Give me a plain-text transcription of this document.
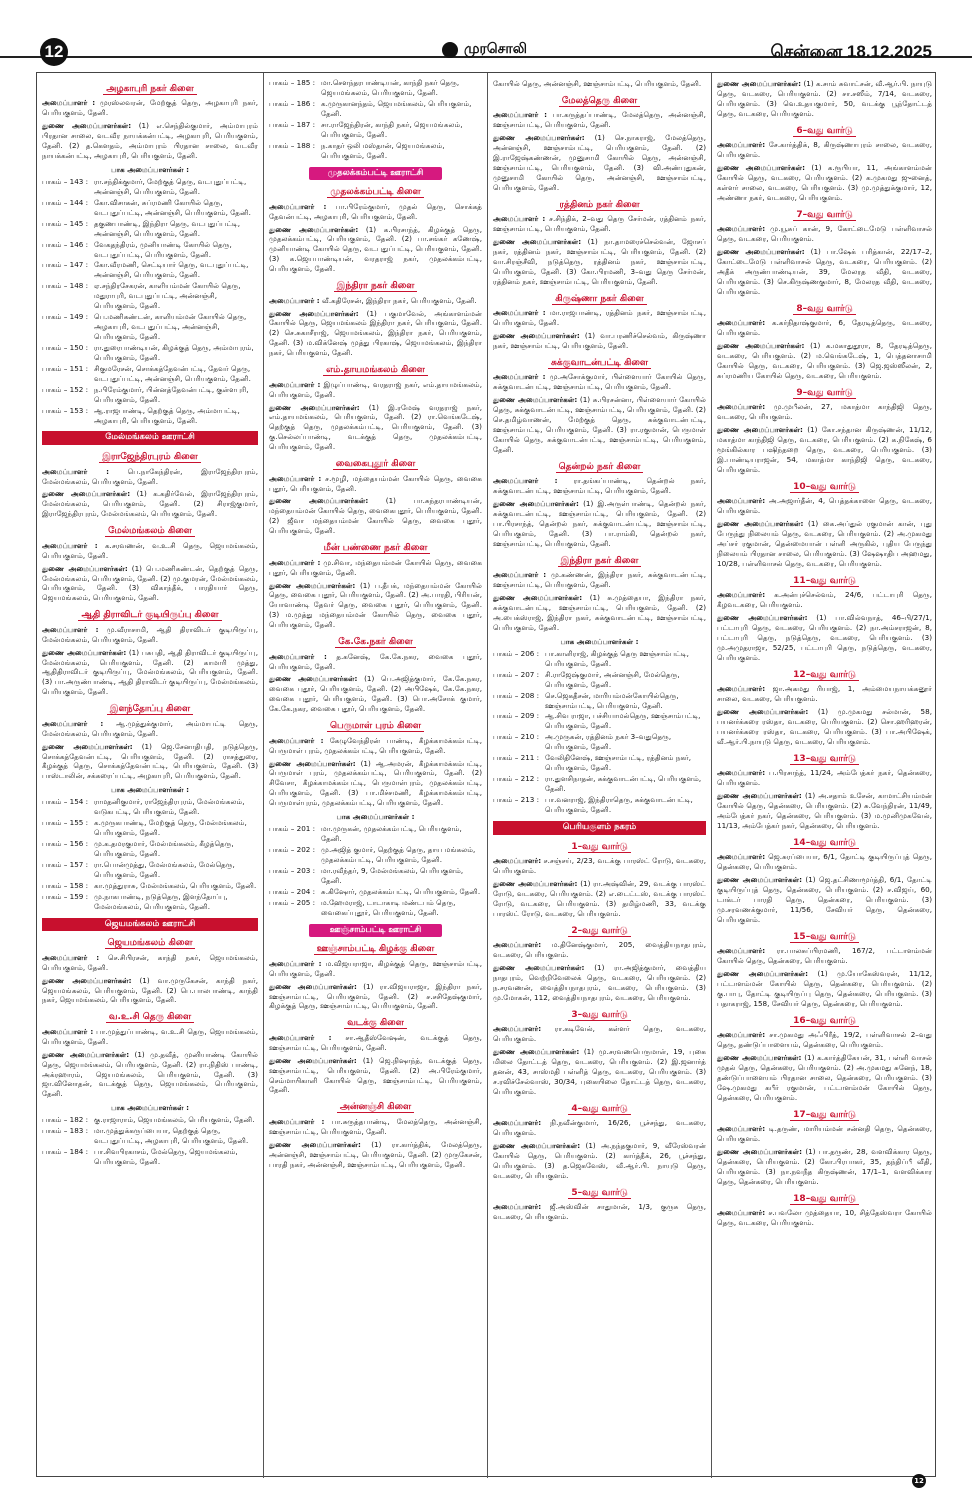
12	முரசொலி	சென்னை 18.12.2025
அழகாபுரி நகர் கிளை
அமைப்பாளர் : முரஸ்லவரன், மேற்குத் தெரு, அழகாபுரி நகர், பெரியகுளம், தேனி.
துணை அமைப்பாளர்கள்: (1) எ.செந்தில்குமார், அம்மாபுரம் பிரதான சாலை, வடவீர நாயக்கன்பட்டி, அழகாபுரி, பெரியகுளம், தேனி. (2) த.கௌதம், அம்மாபுரம் பிரதான சாலை, வடவீர நாயக்கன்பட்டி, அழகாபுரி, பெரியகுளம், தேனி.
பாக அமைப்பாளர்கள் :
பாகம் – 143 : ரா.சந்திக்குமார், மேற்குத் தெரு, வடபுதுப்பட்டி, அன்னஞ்சி, பெரியகுளம், தேனி.
பாகம் – 144 : கோ.விசாகன், சுப்ரமணி கோயில் தெரு, வடபுதுப்பட்டி, அன்னஞ்சி, பெரியகுளம், தேனி.
பாகம் – 145 : தகுணபாண்டி, இந்திரா தெரு, வடபுதுப்பட்டி, அன்னஞ்சி, பெரியகுளம், தேனி.
பாகம் – 146 : வேகதந்திரம், முனியாண்டி கோயில் தெரு, வடபுதுப்பட்டி, பெரியகுளம், தேனி.
பாகம் – 147 : கோ.வீரமணி, செட்டியார் தெரு, வடபுதுப்பட்டி, அன்னஞ்சி, பெரியகுளம், தேனி.
பாகம் – 148 : ஏ.சந்திரசேகரன், காளியம்மன் கோயில் தெரு, மதுராபுரி, வடபுதுப்பட்டி, அன்னஞ்சி, பெரியகுளம், தேனி.
பாகம் – 149 : பெ.மணிகண்டன், காளியம்மன் கோயில் தெரு, அழகாபுரி, வடபுதுப்பட்டி, அன்னஞ்சி, பெரியகுளம், தேனி.
பாகம் – 150 : ரா.துரைபாண்டியன், கிழக்குத் தெரு, அம்மாபுரம், பெரியகுளம், தேனி.
பாகம் – 151 : சிகுமரேசன், சொக்கத்தேவன்பட்டி, தேவர் தெரு, வடபுதுப்பட்டி, அன்னஞ்சி, பெரியகுளம், தேனி.
பாகம் – 152 : ந.பிரேம்குமார், பின்னத்தேவன்பட்டி, குள்ளபுரி, பெரியகுளம், தேனி.
பாகம் – 153 : ஆ.ராஜபாண்டி, தெற்குத் தெரு, அம்மாபட்டி, அழகாபுரி, பெரியகுளம், தேனி.
மேல்மங்கலம் ஊராட்சி
இராஜேந்திரபுரம் கிளை
அமைப்பாளர் :	பெ.நாகேந்திரன், இராஜேந்திரபுரம், மேல்மங்கலம், பெரியகுளம், தேனி.
துணை அமைப்பாளர்கள்: (1) க.கதிர்வேல், இராஜேந்திரபுரம், மேல்மங்கலம், பெரியகுளம், தேனி. (2) சிராஜ்குமார், இராஜேந்திரபுரம், மேல்மங்கலம், பெரியகுளம், தேனி.
மேல்மங்கலம் கிளை
அமைப்பாளர் : க.சரவணன், வ.உ.சி தெரு, ஜெயமங்கலம், பெரியகுளம், தேனி.
துணை அமைப்பாளர்கள்: (1) பெ.மணிகண்டன், தெற்குத் தெரு, மேல்மங்கலம், பெரியகுளம், தேனி. (2) மு.குமரன், மேல்மங்கலம், பெரியகுளம், தேனி. (3) விகாந்தீக், பாரதியார் தெரு, ஜெயமங்கலம், பெரியகுளம், தேனி.
ஆதி திராவிடர் குடியிருப்பு கிளை
அமைப்பாளர் : மு.வீராசாமி, ஆதி திராவிடர் குடியிருப்பு, மேல்மங்கலம், பெரியகுளம், தேனி.
துணை அமைப்பாளர்கள்: (1) பசுபதி, ஆதி திராவிடர் குடியிருப்பு, மேல்மங்கலம், பெரியகுளம், தேனி. (2) காமாரி முத்து, ஆதிதிராவிடர் குடியிருப்பு, மேல்மங்கலம், பெரியகுளம், தேனி. (3) பா.அருண்பாண்டி, ஆதி திராவிடர் குடியிருப்பு, மேல்மங்கலம், பெரியகுளம், தேனி.
இளந்தோப்பு கிளை
அமைப்பாளர் : ஆ.முத்துக்குமார், அம்மாபட்டி தெரு, மேல்மங்கலம், பெரியகுளம், தேனி.
துணை அமைப்பாளர்கள்: (1) ஜெ.சேனாதிபதி, நடுத்தெரு, சொக்கத்தேவன்பட்டி, பெரியகுளம், தேனி. (2) ராசத்துரை, கீழக்குத் தெரு, சொக்கத்தேவன்பட்டி, பெரியகுளம், தேனி. (3) பாஸ்டாலின், சக்கரைப்பட்டி, அழகாபுரி, பெரியகுளம், தேனி.
பாக அமைப்பாளர்கள் :
பாகம் – 154 : ராமதனிகுமார், ராஜேந்திரபுரம், மேல்மங்கலம், வடுகபட்டி, பெரியகுளம், தேனி.
பாகம் – 155 : க.முருகபாண்டி, மேற்குத் தெரு, மேல்மங்கலம், பெரியகுளம், தேனி.
பாகம் – 156 : மு.க.தமரகுமார், மேல்மங்கலம், கீழத்தெரு, பெரியகுளம், தேனி.
பாகம் – 157 : ரா.பொன்முத்து, மேல்மங்கலம், மேல்தெரு, பெரியகுளம், தேனி.
பாகம் – 158 : கா.முத்துராசு, மேல்மங்கலம், பெரியகுளம், தேனி.
பாகம் – 159 : மு.நாகபாண்டி, நடுத்தெரு, இளந்தோப்பு, மேல்மங்கலம், பெரியகுளம், தேனி.
ஜெயமங்கலம் ஊராட்சி
ஜெயமங்கலம் கிளை
அமைப்பாளர் : செ.சிபிரசன், காந்தி நகர், ஜெயமங்கலம், பெரியகுளம், தேனி.
துணை அமைப்பாளர்கள்: (1) வா.முருகேசன், காந்தி நகர், ஜெயமங்கலம், பெரியகுளம், தேனி. (2) பெ.பாலபாண்டி, காந்தி நகர், ஜெயமங்கலம், பெரியகுளம், தேனி.
வ.உ.சி தெரு கிளை
அமைப்பாளர் : பா.முத்துப்பாண்டி, வ.உ.சி தெரு, ஜெயமங்கலம், பெரியகுளம், தேனி.
துணை அமைப்பாளர்கள்: (1) மு.தவீத், முனியாண்டி கோயில் தெரு, ஜெயமங்கலம், பெரியகுளம், தேனி. (2) ரா.நிதிஸ் பாண்டி, அக்ரஹாரம், ஜெயமங்கலம், பெரியகுளம், தேனி. (3) ஜா.வினோதன், வடக்குத் தெரு, ஜெயமங்கலம், பெரியகுளம், தேனி.
பாக அமைப்பாளர்கள் :
பாகம் – 182 : கு.ராஜாராம், ஜெயமங்கலம், பெரியகுளம், தேனி.
பாகம் – 183 : மா.முத்துக்கருப்பையா, தெற்குத் தெரு, வடபுதுப்பட்டி, அழகாபுரி, பெரியகுளம், தேனி.
பாகம் – 184 : பா.சிவபிரகாசம், மேல்தெரு, ஜெயமங்கலம், பெரியகுளம், தேனி.
பாகம் – 185 : மா.சௌந்தரபாண்டியன், காந்தி நகர் தெரு, ஜெயமங்கலம், பெரியகுளம், தேனி.
பாகம் – 186 : க.முருகானந்தம், ஜெயமங்கலம், பெரியகுளம், தேனி.
பாகம் – 187 : சா.ராஜேந்திரன், காந்தி நகர், ஜெயமங்கலம், பெரியகுளம், தேனி.
பாகம் – 188 : ந.காதர் ஒலி மஸ்தான், ஜெயமங்கலம், பெரியகுளம், தேனி.
முதலக்கம்பட்டி ஊராட்சி
முதலக்கம்பட்டி கிளை
அமைப்பாளர் : பா.பிரேம்குமார், முதல் தெரு, சொக்கத் தேவன்பட்டி, அழகாபுரி, பெரியகுளம், தேனி.
துணை அமைப்பாளர்கள்: (1) க.பிரசாந்த், கிழக்குத் தெரு, முதலக்கம்பட்டி, பெரியகுளம், தேனி. (2) பா.சங்கர் கணேஷ், முனியாண்டி கோயில் தெரு, வடபுதுப்பட்டி, பெரியகுளம், தேனி. (3) க.ஜெயபாண்டியன், வரதராஜ் நகர், முதலக்கம்பட்டி, பெரியகுளம், தேனி.
இந்திரா நகர் கிளை
அமைப்பாளர் : வீ.கதிரேசன், இந்திரா நகர், பெரியகுளம், தேனி.
துணை அமைப்பாளர்கள்: (1) பகுமாவேல், அங்காளம்மன் கோயில் தெரு, ஜெயமங்கலம் இந்திரா நகர், பெரியகுளம், தேனி. (2) செ.சுகாசீராஜ், ஜெயமங்கலம், இந்திரா நகர், பெரியகுளம், தேனி. (3) ம.விக்னேஷ் முத்து பிரகாஷ், ஜெயமங்கலம், இந்திரா நகர், பெரியகுளம், தேனி.
எம்.தாயமங்கலம் கிளை
அமைப்பாளர் : இழுப்பாண்டி, வரதராஜ் நகர், எம்.தாயமங்கலம், பெரியகுளம், தேனி.
துணை அமைப்பாளர்கள்: (1) இ.ரமேஷ் வரதராஜ் நகர், எம்.தாயமங்கலம், பெரியகுளம், தேனி. (2) ரா.வெங்கடேஷ், தெற்குத் தெரு, முதலக்கம்பட்டி, பெரியகுளம், தேனி. (3) கு.செல்லப்பாண்டி, வடக்குத் தெரு, முதலக்கம்பட்டி, பெரியகுளம், தேனி.
வைகைபுதூர் கிளை
அமைப்பாளர் : ச.மூழி, மந்தையம்மன் கோயில் தெரு, வைகை புதூர், பெரியகுளம், தேனி.
துணை அமைப்பாளர்கள்: (1) பா.சுந்தரபாண்டியன், மந்தையம்மன் கோயில் தெரு, வைகைபுதூர், பெரியகுளம், தேனி. (2) ஜீவா மந்தையம்மன் கோயில் தெரு, வைகை புதூர், பெரியகுளம், தேனி.
மீன் பண்ணை நகர் கிளை
அமைப்பாளர் : மு.சிவா, மந்தையம்மன் கோயில் தெரு, வைகை புதூர், பெரியகுளம், தேனி.
துணை அமைப்பாளர்கள்: (1) ப.தீபக், மந்தையம்மன் கோயில் தெரு, வைகை புதூர், பெரியகுளம், தேனி. (2) அ.பாரதி, பிரியன், யோவாண்டி தேவர் தெரு, வைகை புதூர், பெரியகுளம், தேனி. (3) ம.முத்து மந்தையம்மன் கோயில் தெரு, வைகை புதூர், பெரியகுளம், தேனி.
கே.கே.நகர் கிளை
அமைப்பாளர் : த.கனேஷ், கே.கே.நகர, வைகை புதூர், பெரியகுளம், தேனி.
துணை அமைப்பாளர்கள்: (1) பெ.அஜித்குமார், கே.கே.நகர, வைகை புதூர், பெரியகுளம், தேனி. (2) அபிஷேக், கே.கே.நகர, வைகை புதூர், பெரியகுளம், தேனி. (3) பொ.அசோக் குமார், கே.கே.நகர, வைகை புதூர், பெரியகுளம், தேனி.
பெருமாள் புரம் கிளை
அமைப்பாளர் : கேழுவேந்திரன் பாண்டி, கீழக்காமக்கம்பட்டி, பெருமாள் புரம், முதலக்கம்பட்டி, பெரியகுளம், தேனி.
துணை அமைப்பாளர்கள்: (1) ஆ.அமரன், கீழக்காமக்கம்பட்டி, பெருமாள் புரம், முதலக்கம்பட்டி, பெரியகுளம், தேனி. (2) சிவேசா, கீழக்காமக்கம்பட்டி, பெருமாள்புரம், முதலக்கம்பட்டி, பெரியகுளம், தேனி. (3) பா.மிச்சமணி, கீழக்காமக்கம்பட்டி, பெருமாள்புரம், முதலக்கம்பட்டி, பெரியகுளம், தேனி.
பாக அமைப்பாளர்கள் :
பாகம் – 201 : மா.முருகன், முதலக்கம்பட்டி, பெரியகுளம், தேனி.
பாகம் – 202 : மு.அஜித் குமார், தெற்குத் தெரு, தாய மங்கலம், முதலக்கம்பட்டி, பெரியகுளம், தேனி.
பாகம் – 203 : மா.ரவீந்தர், 9, மேல்மங்கலம், பெரியகுளம், தேனி.
பாகம் – 204 : சு.கிஷோர், முதலக்கம்பட்டி, பெரியகுளம், தேனி.
பாகம் – 205 : ம.ஹேமராஜ், டாடாகாடி மண்டபம் தெரு, வைகைப்புதூர், பெரியகுளம், தேனி.
ஊஞ்சாம்பட்டி ஊராட்சி
ஊஞ்சாம்பட்டி கிழக்கு கிளை
அமைப்பாளர் : ம.விஜயராஜா, கிழக்குத் தெரு, ஊஞ்சாம்பட்டி, பெரியகுளம், தேனி.
துணை அமைப்பாளர்கள்: (1) ரா.விஜயராஜா, இந்திரா நகர், ஊஞ்சாம்பட்டி, பெரியகுளம், தேனி. (2) ச.சசிதேஷ்குமார், கிழக்குத் தெரு, ஊஞ்சாம்பட்டி, பெரியகுளம், தேனி.
வடக்கு கிளை
அமைப்பாளர் : சா.ஆதீஸ்வேஷன், வடக்குத் தெரு, ஊஞ்சாம்பட்டி, பெரியகுளம், தேனி.
துணை அமைப்பாளர்கள்: (1) ஜெ.நிஷாந்த், வடக்குத் தெரு, ஊஞ்சாம்பட்டி, பெரியகுளம், தேனி. (2) அ.பிரேம்குமார், செம்மாயிகாளி கோயில் தெரு, ஊஞ்சாம்பட்டி, பெரியகுளம், தேனி.
அன்னஞ்சி கிளை
அமைப்பாளர் : பா.சுருத்தபாண்டி, மேலத்தெரு, அன்னஞ்சி, ஊஞ்சாம்பட்டி, பெரியகுளம், தேனி.
துணை அமைப்பாளர்கள்: (1) ரா.கார்த்திக், மேலத்தெரு, அன்னஞ்சி, ஊஞ்சாம்பட்டி, பெரியகுளம், தேனி. (2) முருகேசன், பாரதி நகர், அன்னஞ்சி, ஊஞ்சாம்பட்டி, பெரியகுளம், தேனி.
கோயில் தெரு, அன்னஞ்சி, ஊஞ்சாம்பட்டி, பெரியகுளம், தேனி.
மேலத்தெரு கிளை
அமைப்பாளர் : பா.கருத்தப்பாண்டி, மேலத்தெரு, அன்னஞ்சி, ஊஞ்சாம்பட்டி, பெரியகுளம், தேனி.
துணை அமைப்பாளர்கள்: (1) செ.நாகராஜ், மேலத்தெரு, அன்னஞ்சி, ஊஞ்சாம்பட்டி, பெரியகுளம், தேனி. (2) இ.ராஜேஷ்கண்ணன், முனுசாமி கோயில் தெரு, அன்னஞ்சி, ஊஞ்சாம்பட்டி, பெரியகுளம், தேனி. (3) வி.அண்புதுகன், முனுசாமி கோயில் தெரு, அன்னஞ்சி, ஊஞ்சாம்பட்டி, பெரியகுளம், தேனி.
ரத்தினம் நகர் கிளை
அமைப்பாளர் : ச.சிந்திக், 2–வது தெரு சேர்மன், ரத்தினம் நகர், ஊஞ்சாம்பட்டி, பெரியகுளம், தேனி.
துணை அமைப்பாளர்கள்: (1) நா.தாமரைச்செல்வன், ஜோசப் நகர், ரத்தினம் நகர், ஊஞ்சாம்பட்டி, பெரியகுளம், தேனி. (2) வா.சிரஞ்சீவி, நடுத்தெரு, ரத்தினம் நகர், ஊஞ்சாம்பட்டி, பெரியகுளம், தேனி. (3) கோ.பிரமணி, 3–வது தெரு சேர்மன், ரத்தினம் நகர், ஊஞ்சாம்பட்டி, பெரியகுளம், தேனி.
கிருஷ்ணா நகர் கிளை
அமைப்பாளர் : மா.ராஜபாண்டி, ரத்தினம் நகர், ஊஞ்சாம்பட்டி, பெரியகுளம், தேனி.
துணை அமைப்பாளர்கள்: (1) வா.பரணிச்செல்வம், கிருஷ்ணா நகர், ஊஞ்சாம்பட்டி, பெரியகுளம், தேனி.
சுக்குவாடன்பட்டி கிளை
அமைப்பாளர் : மு.அசோக்குமார், பிள்ளையார் கோயில் தெரு, சுக்குவாடன்பட்டி, ஊஞ்சாம்பட்டி, பெரியகுளம், தேனி.
துணை அமைப்பாளர்கள்: (1) சு.பிரசன்னா, பிள்ளையார் கோயில் தெரு, சுக்குவாடன்பட்டி, ஊஞ்சாம்பட்டி, பெரியகுளம், தேனி. (2) செ.தமிழ்வாணன், மேற்குத் தெரு, சுக்குவாடன்பட்டி, ஊஞ்சாம்பட்டி, பெரியகுளம், தேனி. (3) ரா.ரகுமான், பெருமாள் கோயில் தெரு, சுக்குவாடன்பட்டி, ஊஞ்சாம்பட்டி, பெரியகுளம், தேனி.
தென்றல் நகர் கிளை
அமைப்பாளர் : ரா.தங்கப்பாண்டி, தென்றல் நகர், சுக்குவாடன்பட்டி, ஊஞ்சாம்பட்டி, பெரியகுளம், தேனி.
துணை அமைப்பாளர்கள்: (1) இ.அருள்பாண்டி, தென்றல் நகர், சுக்குவாடன்பட்டி, ஊஞ்சாம்பட்டி, பெரியகுளம், தேனி. (2) பா.பிரசாந்த், தென்றல் நகர், சுக்குவாடன்பட்டி, ஊஞ்சாம்பட்டி, பெரியகுளம், தேனி. (3) பா.ராம்கி, தென்றல் நகர், ஊஞ்சாம்பட்டி, பெரியகுளம், தேனி.
இந்திரா நகர் கிளை
அமைப்பாளர் : மு.கண்ணன், இந்திரா நகர், சுக்குவாடன்பட்டி, ஊஞ்சாம்பட்டி, பெரியகுளம், தேனி.
துணை அமைப்பாளர்கள்: (1) சு.முத்தையா, இந்திரா நகர், சுக்குவாடன்பட்டி, ஊஞ்சாம்பட்டி, பெரியகுளம், தேனி. (2) அ.பைக்ஸ்ராஜ், இந்திரா நகர், சுக்குவாடன்பட்டி, ஊஞ்சாம்பட்டி, பெரியகுளம், தேனி.
பாக அமைப்பாளர்கள் :
பாகம் – 206 : பா.காளிராஜ், கிழக்குத் தெரு ஊஞ்சாம்பட்டி, பெரியகுளம், தேனி.
பாகம் – 207 : சி.ராஜேஷ்குமார், அன்னஞ்சி, மேல்தெரு, பெரியகுளம், தேனி.
பாகம் – 208 : செ.ஜெகதீசன், மாரியம்மன்கோயில்தெரு, ஊஞ்சாம்பட்டி, பெரியகுளம், தேனி.
பாகம் – 209 : ஆ.சிவ ராஜா, பச்சியாமல்தெரு, ஊஞ்சாம்பட்டி, பெரியகுளம், தேனி.
பாகம் – 210 : அ.முருகன், ரத்தினம் நகர் 3–வதுதெரு, பெரியகுளம், தேனி.
பாகம் – 211 : வேலிதினேஷ், ஊஞ்சாம்பட்டி, ரத்தினம் நகர், பெரியகுளம், தேனி.
பாகம் – 212 : ரா.துளசிநாதன், சுக்குவாடன்பட்டி, பெரியகுளம், தேனி.
பாகம் – 213 : பா.வனராஜ், இந்திராதெரு, சுக்குவாடன்பட்டி, பெரியகுளம், தேனி.
பெரியகுளம் நகரம்
1–வது வார்டு
அமைப்பாளர்: ச.சஞ்சய், 2/23, வடக்கு பாரஸ்ட் ரோடு, வடகரை, பெரியகுளம்.
துணை அமைப்பாளர்கள்: (1) ரா.அஷ்வின், 29, வடக்கு பாரஸ்ட் ரோடு, வடகரை, பெரியகுளம். (2) எ.டைட்டஸ், வடக்கு பாரஸ்ட் ரோடு, வடகரை, பெரியகுளம். (3) தமிழ்மணி, 33, வடக்கு பாரஸ்ட் ரோடு, வடகரை, பெரியகுளம்.
2–வது வார்டு
அமைப்பாளர்: ம.தினேஷ்குமார், 205, வைத்தியநாதபுரம், வடகரை, பெரியகுளம்.
துணை அமைப்பாளர்கள்: (1) ரா.அஜித்குமார், வைத்திய நாதபுரம், வெற்றிவேலைக் தெரு, வடகரை, பெரியகுளம். (2) ந.சரவணன், வைத்தியநாதபுரம், வடகரை, பெரியகுளம். (3) மு.மோகன், 112, வைத்தியநாதபுரம், வடகரை, பெரியகுளம்.
3–வது வார்டு
அமைப்பாளர்: ரா.கடிவேல், கள்ளர் தெரு, வடகரை, பெரியகுளம்.
துணை அமைப்பாளர்கள்: (1) மு.சரவணபெருமாள், 19, புகை மிலை தோட்டத் தெரு, வடகரை, பெரியகுளம். (2) இ.ஜனார்த் தனன், 43, சாஸ்மதி பள்ளித் தெரு, வடகரை, பெரியகுளம். (3) ச.ரவிச்சேல்வாஸ், 30/34, புகையிலை தோட்டத் தெரு, வடகரை, பெரியகுளம்.
4–வது வார்டு
அமைப்பாளர்: நி.நவீன்குமார், 16/26, பூச்சந்து, வடகரை, பெரியகுளம்.
துணை அமைப்பாளர்கள்: (1) அ.நந்தகுமார், 9, வீரேஸ்வரன் கோயில் தெரு, பெரியகுளம். (2) கார்த்தீக், 26, பூச்சந்து, பெரியகுளம். (3) த.ஜெகவேஸ், வீ.ஆர்.பி. நாயுடு தெரு, வடகரை, பெரியகுளம்.
5–வது வார்டு
அமைப்பாளர்: ஜீ.அஸ்வின் சாதுமான், 1/3, குருசு தெரு, வடகரை, பெரியகுளம்.
துணை அமைப்பாளர்கள்: (1) க.சாம் சுவாட்சன், வீ.ஆர்.பி. நாயுடு தெரு, வடகரை, பெரியகுளம். (2) சா.சஸீம், 7/14, வடகரை, பெரியகுளம். (3) வெ.உதயகுமார், 50, வடக்கு பூந்தோட்டத் தெரு, வடகரை, பெரியகுளம்.
6–வது வார்டு
அமைப்பாளர்: சே.கார்த்திக், 8, கிருஷ்ணாபுரம் சாலை, வடகரை, பெரியகுளம்.
துணை அமைப்பாளர்கள்: (1) க.ரூபியா, 11, அங்காளம்மன் கோயில் தெரு, வடகரை, பெரியகுளம். (2) க.முகமது ஜுனைத், கள்ளர் சாலை, வடகரை, பெரியகுளம். (3) மு.முத்துக்குமார், 12, அண்ணா நகர், வடகரை, பெரியகுளம்.
7–வது வார்டு
அமைப்பாளர்: மு.யூசுப் கான், 9, கோட்டைமேடு பள்ளிவாசல் தெரு, வடகரை, பெரியகுளம்.
துணை அமைப்பாளர்கள்: (1) பா.ஷேக் பரித்கான், 22/17–2, கோட்டைமேடு பள்ளிவாசல் தெரு, வடகரை, பெரியகுளம். (2) அதீக் அருண்பாண்டியன், 39, மேலரத வீதி, வடகரை, பெரியகுளம். (3) செ.கிருஷ்ணகுமார், 8, மேலரத வீதி, வடகரை, பெரியகுளம்.
8–வது வார்டு
அமைப்பாளர்: க.கர்நிதாஷ்குமார், 6, தேரடித்தெரு, வடகரை, பெரியகுளம்.
துணை அமைப்பாளர்கள்: (1) க.மகாதுதூரா, 8, தேரடித்தெரு, வடகரை, பெரியகுளம். (2) ம.வெங்கடேஷ், 1, பெத்தனாசாமி கோயில் தெரு, வடகரை, பெரியகுளம். (3) ஜெ.ஜஸ்ஸீலன், 2, சுப்ரமணிய கோயில் தெரு, வடகரை, பெரியகுளம்.
9–வது வார்டு
அமைப்பாளர்: மு.முபீலன், 27, மகாத்மா காந்திஜி தெரு, வடகரை, பெரியகுளம்.
துணை அமைப்பாளர்கள்: (1) கோ.சந்தான கிருஷ்ணன், 11/12, மகாத்மா காந்திஜி தெரு, வடகரை, பெரியகுளம். (2) க.நிகேஷ், 6 மூங்கில்கார பஷிந்தறை தெரு, வடகரை, பெரியகுளம். (3) இ.பாண்டியராஜன், 54, மகாத்மா காந்திஜி தெரு, வடகரை, பெரியகுளம்.
10–வது வார்டு
அமைப்பாளர்: அ.அஜார்தீன், 4, பெத்தக்காளை தெரு, வடகரை, பெரியகுளம்.
துணை அமைப்பாளர்கள்: (1) கை.அப்துல் ரகுமான் கான், புது பேருந்து நிலையம் தெரு, வடகரை, பெரியகுளம். (2) அ.முகமது அப்சர் ரகுமான், தென்மையான் பள்ளி அருகில், புதிய பேருந்து நிலையம் பிரதான சாலை, பெரியகுளம். (3) ஷேஷாதிப அஹமது, 10/28, பள்ளிவாசல் தெரு, வடகரை, பெரியகுளம்.
11–வது வார்டு
அமைப்பாளர்: க.அன்புச்செல்வம், 24/6, பட்டாபுரி தெரு, கீழவடகரை, பெரியகுளம்.
துணை அமைப்பாளர்கள்: (1) பா.வில்வநாத், 46–பி/27/1, பட்டாபுரி தெரு, வடகரை, பெரியகுளம். (2) நா.அம்சராஜன், 8, பட்டாபுரி தெரு, நடுத்தெரு, வடகரை, பெரியகுளம். (3) மு.அமுதராஜா, 52/25, பட்டாபுரி தெரு, நடுத்தெரு, வடகரை, பெரியகுளம்.
12–வது வார்டு
அமைப்பாளர்: ஜா.அகமது ரியாஜ், 1, அம்மையநாயக்கனூர் சாலை, வடகரை, பெரியகுளம்.
துணை அமைப்பாளர்கள்: (1) மு.முகமது சல்மான், 58, பயனர்க்கரை ரஸ்தா, வடகரை, பெரியகுளம். (2) சொ.ஹரிஹரன், பயனர்க்கரை ரஸ்தா, வடகரை, பெரியகுளம். (3) பா.அபிஷேக், வீ.ஆர்.பி.நாயுடு தெரு, வடகரை, பெரியகுளம்.
13–வது வார்டு
அமைப்பாளர்: ப.பிரசாந்த், 11/24, அம்பேத்கர் நகர், தென்கரை, பெரியகுளம்.
துணை அமைப்பாளர்கள்: (1) அ.சதாம் உசேன், காமாட்சியம்மன் கோயில் தெரு, தென்கரை, பெரியகுளம். (2) சு.வேந்திரன், 11/49, அம்பேத்கர் நகர், தென்கரை, பெரியகுளம். (3) ம.முனிமுகவேல், 11/13, அம்பேத்கர் நகர், தென்கரை, பெரியகுளம்.
14–வது வார்டு
அமைப்பாளர்: ஜெ.சுரப்பையா, 6/1, தோட்டி குடியிருப்புத் தெரு, தென்கரை, பெரியகுளம்.
துணை அமைப்பாளர்கள்: (1) ஜெ.தட்சிணாமூர்த்தி, 6/1, தோட்டி குடியிருப்புத் தெரு, தென்கரை, பெரியகுளம். (2) ச.விஜய், 60, டாக்டர் பாரதி தெரு, தென்கரை, பெரியகுளம். (3) மு.சரவணக்குமார், 11/56, சேவியர் தெரு, தென்கரை, பெரியகுளம்.
15–வது வார்டு
அமைப்பாளர்: ரா.பாலசுப்பிரமணி, 167/2, பட்டாளம்மன் கோயில் தெரு, தென்கரை, பெரியகுளம்.
துணை அமைப்பாளர்கள்: (1) மு.யோகேஸ்வரன், 11/12, பட்டாளம்மன் கோயில் தெரு, தென்கரை, பெரியகுளம். (2) கு.பாபு, தோட்டி குடியிருப்பு தெரு, தென்கரை, பெரியகுளம். (3) பதாகராஜ், 158, சேவியர் தெரு, தென்கரை, பெரியகுளம்.
16–வது வார்டு
அமைப்பாளர்: சா.முகமது அஃபிரீத், 19/2, பள்ளிவாசல் 2–வது தெரு, தண்டுப்பாளையம், தென்கரை, பெரியகுளம்.
துணை அமைப்பாளர்கள்: (1) க.கார்த்திகேயன், 31, பள்ளி வாசல் முதல் தெரு, தென்கரை, பெரியகுளம். (2) அ.முகமது சுனேந், 18, தண்டுப்பாளையம் பிரதான சாலை, தென்கரை, பெரியகுளம். (3) ஷே.முகமது கபீர் ரகுமான், பட்டாளம்மன் கோயில் தெரு, தென்கரை, பெரியகுளம்.
17–வது வார்டு
அமைப்பாளர்: டி.தருண், மாரியம்மன் சன்னதி தெரு, தென்கரை, பெரியகுளம்.
துணை அமைப்பாளர்கள்: (1) பா.தருண், 28, வளவிக்கார தெரு, தென்கரை, பெரியகுளம். (2) கோ.பிரபாகர், 35, தந்திப்பீ வீதி, பெரியகுளம். (3) நா.நவநீத கிருஷ்ணன், 17/1–1, வளவிக்கார தெரு, தென்கரை, பெரியகுளம்.
18–வது வார்டு
அமைப்பாளர்: ச.பவலோ முத்தையா, 10, சித்தேஸ்வரா கோயில் தெரு, வடகரை, பெரியகுளம்.
12
